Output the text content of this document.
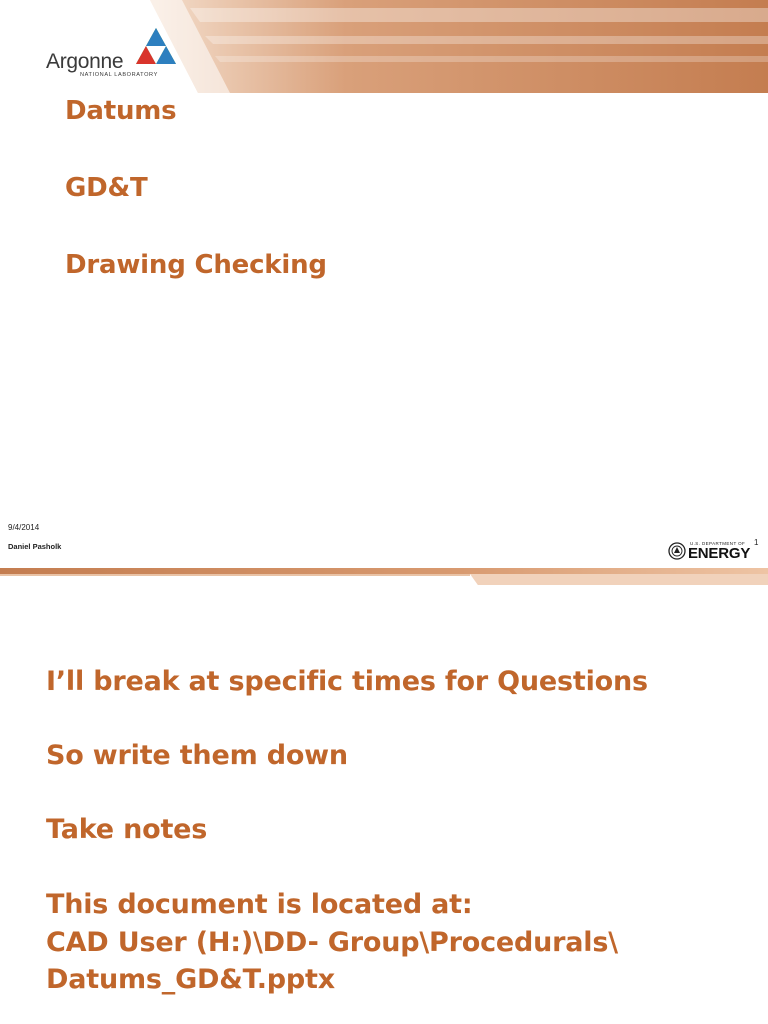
Argonne
NATIONAL LABORATORY
Datums
GD&T
Drawing Checking
9/4/2014
Daniel Pasholk	U.S. DEPARTMENT OF
ENERGY
1
I’ll break at specific times for Questions
So write them down
Take notes
This document is located at:
CAD User (H:)\DD- Group\Procedurals\
Datums_GD&T.pptx
